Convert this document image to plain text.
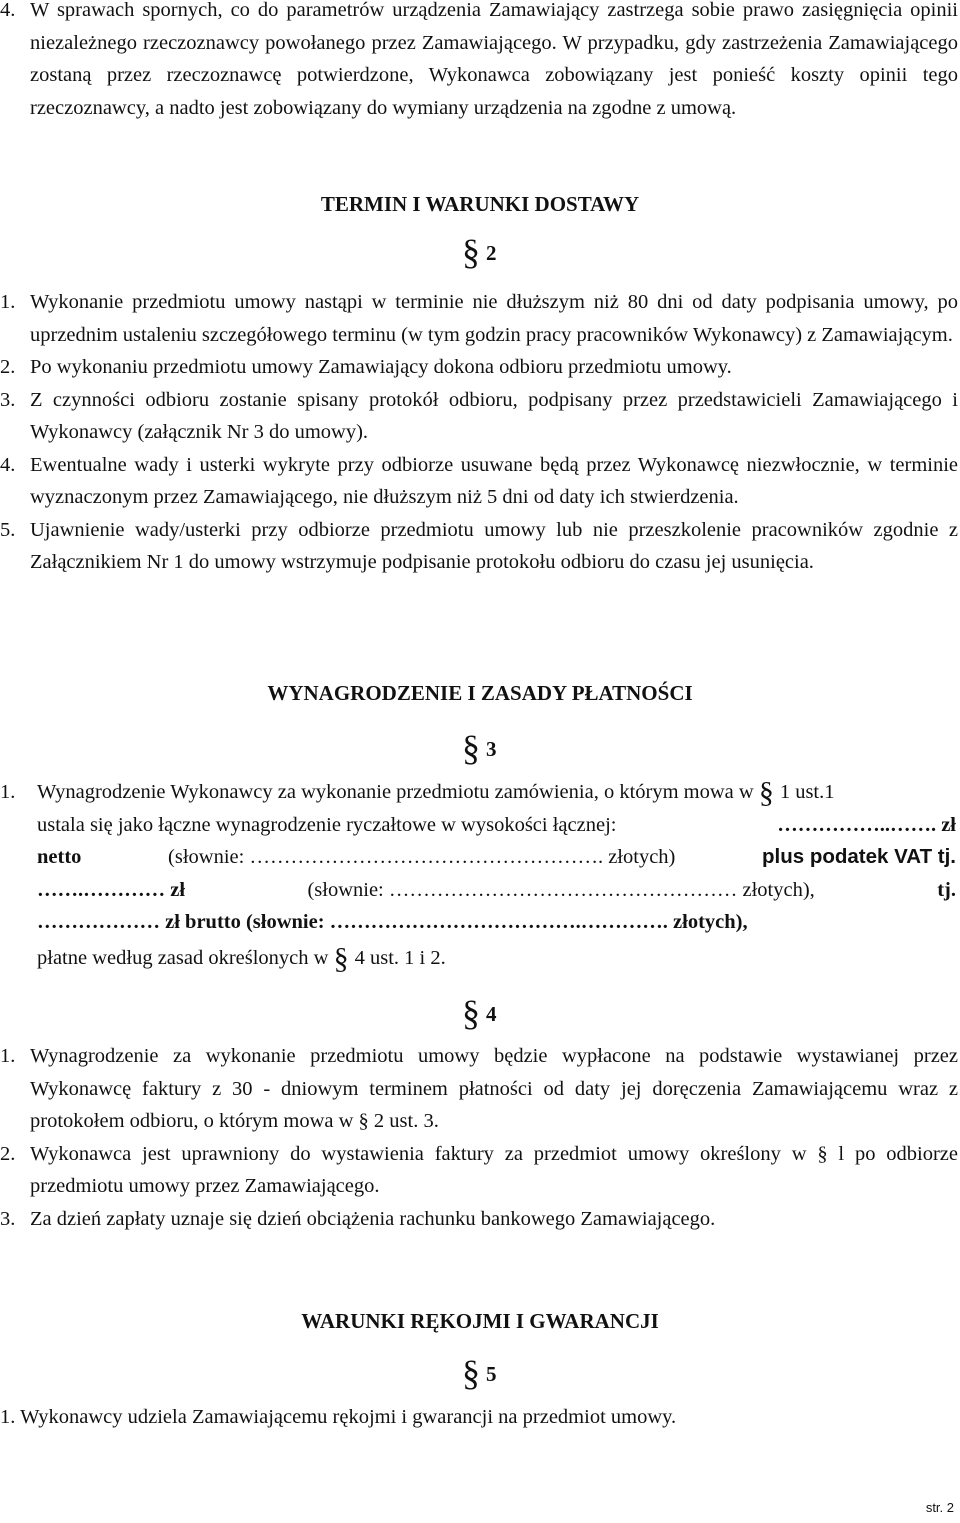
4. W sprawach spornych, co do parametrów urządzenia Zamawiający zastrzega sobie prawo zasięgnięcia opinii niezależnego rzeczoznawcy powołanego przez Zamawiającego. W przypadku, gdy zastrzeżenia Zamawiającego zostaną przez rzeczoznawcę potwierdzone, Wykonawca zobowiązany jest ponieść koszty opinii tego rzeczoznawcy, a nadto jest zobowiązany do wymiany urządzenia na zgodne z umową.

TERMIN I WARUNKI DOSTAWY
§ 2

1. Wykonanie przedmiotu umowy nastąpi w terminie nie dłuższym niż 80 dni od daty podpisania umowy, po uprzednim ustaleniu szczegółowego terminu (w tym godzin pracy pracowników Wykonawcy) z Zamawiającym.

2. Po wykonaniu przedmiotu umowy Zamawiający dokona odbioru przedmiotu umowy.

3. Z czynności odbioru zostanie spisany protokół odbioru, podpisany przez przedstawicieli Zamawiającego i Wykonawcy (załącznik Nr 3 do umowy).

4. Ewentualne wady i usterki wykryte przy odbiorze usuwane będą przez Wykonawcę niezwłocznie, w terminie wyznaczonym przez Zamawiającego, nie dłuższym niż 5 dni od daty ich stwierdzenia.

5. Ujawnienie wady/usterki przy odbiorze przedmiotu umowy lub nie przeszkolenie pracowników zgodnie z Załącznikiem Nr 1 do umowy wstrzymuje podpisanie protokołu odbioru do czasu jej usunięcia.

WYNAGRODZENIE I ZASADY PŁATNOŚCI
§ 3

1. Wynagrodzenie Wykonawcy za wykonanie przedmiotu zamówienia, o którym mowa w § 1 ust.1

ustala się jako łączne wynagrodzenie ryczałtowe w wysokości łącznej:	……………..……. zł

netto	(słownie: ……………………………………………. złotych)	plus podatek VAT tj.

…….………… zł	(słownie: …………………………………………… złotych),	tj.

……………… zł brutto (słownie: ……………………………….…………. złotych),

płatne według zasad określonych w § 4 ust. 1 i 2.

§ 4

1. Wynagrodzenie za wykonanie przedmiotu umowy będzie wypłacone na podstawie wystawianej przez Wykonawcę faktury z 30 - dniowym terminem płatności od daty jej doręczenia Zamawiającemu wraz z protokołem odbioru, o którym mowa w § 2 ust. 3.

2. Wykonawca jest uprawniony do wystawienia faktury za przedmiot umowy określony w § l po odbiorze przedmiotu umowy przez Zamawiającego.

3. Za dzień zapłaty uznaje się dzień obciążenia rachunku bankowego Zamawiającego.

WARUNKI RĘKOJMI I GWARANCJI
§ 5

1. Wykonawcy udziela Zamawiającemu rękojmi i gwarancji na przedmiot umowy.

str. 2
